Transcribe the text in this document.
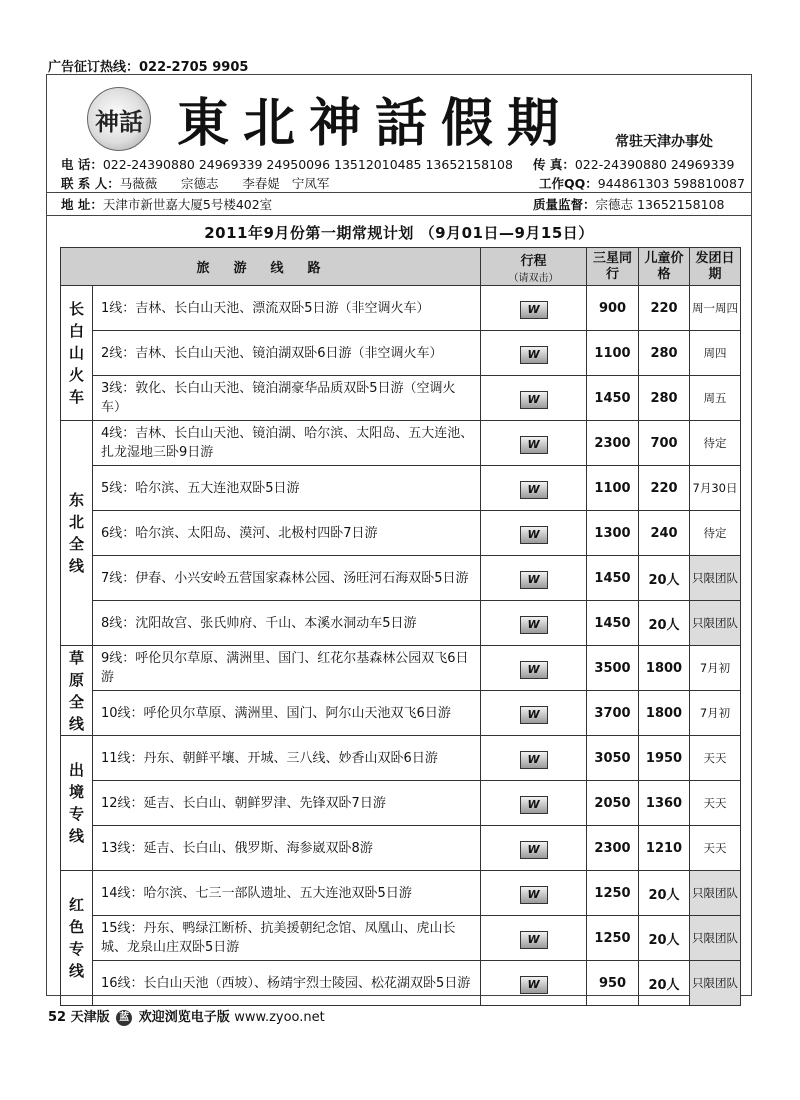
广告征订热线：022-2705 9905
神話 東北神話假期	常驻天津办事处
电 话：022-24390880 24969339 24950096 13512010485 13652158108 传 真：022-24390880 24969339
联 系 人：马薇薇      宗德志      李春媞   宁凤军	工作QQ：944861303 598810087
地 址：天津市新世嘉大厦5号楼402室	质量监督：宗德志 13652158108
2011年9月份第一期常规计划 （9月01日—9月15日）
旅游线路		行程
（请双击）	三星同行	儿童价格	发团日期

长
白
山
火
车	1线：吉林、长白山天池、漂流双卧5日游（非空调火车）	W	900	220	周一周四
	2线：吉林、长白山天池、镜泊湖双卧6日游（非空调火车）	W	1100	280	周四
	3线：敦化、长白山天池、镜泊湖豪华品质双卧5日游（空调火车）	W	1450	280	周五

东
北
全
线	4线：吉林、长白山天池、镜泊湖、哈尔滨、太阳岛、五大连池、扎龙湿地三卧9日游	W	2300	700	待定
	5线：哈尔滨、五大连池双卧5日游	W	1100	220	7月30日
	6线：哈尔滨、太阳岛、漠河、北极村四卧7日游	W	1300	240	待定
	7线：伊春、小兴安岭五营国家森林公园、汤旺河石海双卧5日游	W	1450	20人	只限团队
	8线：沈阳故宫、张氏帅府、千山、本溪水洞动车5日游	W	1450	20人	只限团队

草
原
全
线	9线：呼伦贝尔草原、满洲里、国门、红花尔基森林公园双飞6日游	W	3500	1800	7月初
	10线：呼伦贝尔草原、满洲里、国门、阿尔山天池双飞6日游	W	3700	1800	7月初

出
境
专
线	11线：丹东、朝鲜平壤、开城、三八线、妙香山双卧6日游	W	3050	1950	天天
	12线：延吉、长白山、朝鲜罗津、先锋双卧7日游	W	2050	1360	天天
	13线：延吉、长白山、俄罗斯、海参崴双卧8游	W	2300	1210	天天

红
色
专
线	14线：哈尔滨、七三一部队遗址、五大连池双卧5日游	W	1250	20人	只限团队
	15线：丹东、鸭绿江断桥、抗美援朝纪念馆、凤凰山、虎山长城、龙泉山庄双卧5日游	W	1250	20人	只限团队
	16线：长白山天池（西坡）、杨靖宇烈士陵园、松花湖双卧5日游	W	950	20人	只限团队
52 天津版 蓝 欢迎浏览电子版 www.zyoo.net
